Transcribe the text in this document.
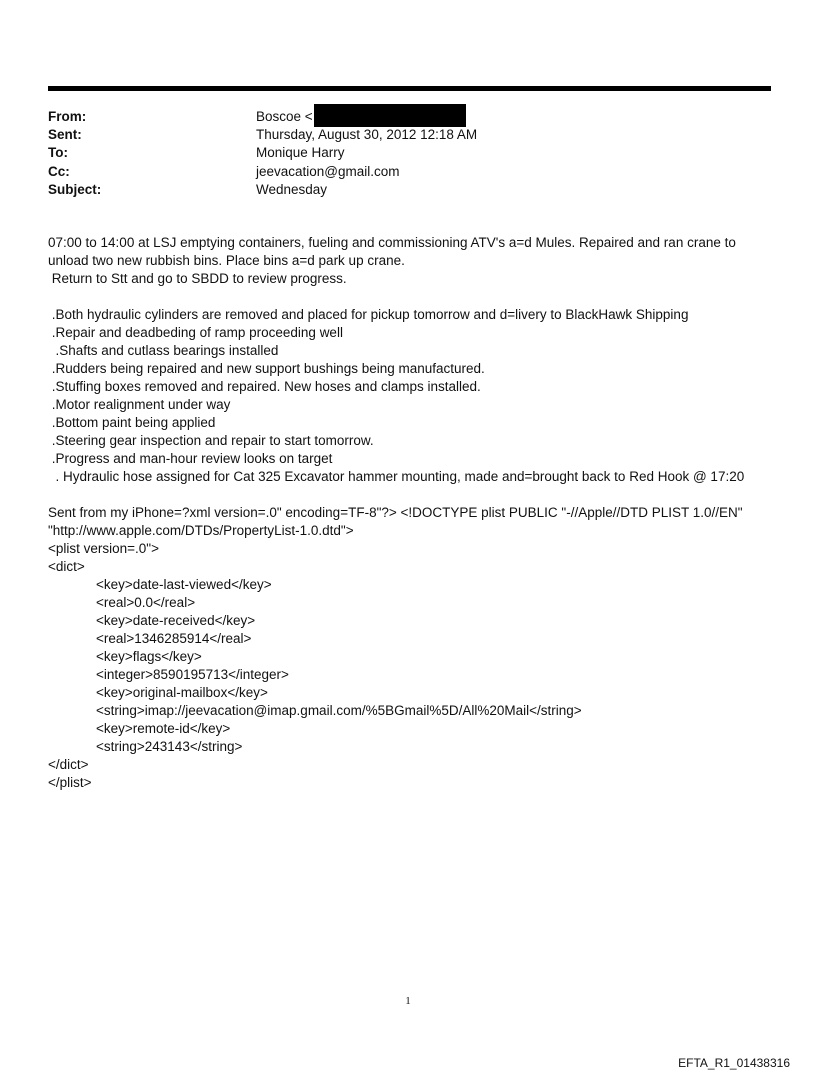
From:	Boscoe <
Sent:	Thursday, August 30, 2012 12:18 AM
To:	Monique Harry
Cc:	jeevacation@gmail.com
Subject:	Wednesday
07:00 to 14:00 at LSJ emptying containers, fueling and commissioning ATV's a=d Mules. Repaired and ran crane to
unload two new rubbish bins. Place bins a=d park up crane.
Return to Stt and go to SBDD to review progress.
.Both hydraulic cylinders are removed and placed for pickup tomorrow and d=livery to BlackHawk Shipping
.Repair and deadbeding of ramp proceeding well
.Shafts and cutlass bearings installed
.Rudders being repaired and new support bushings being manufactured.
.Stuffing boxes removed and repaired. New hoses and clamps installed.
.Motor realignment under way
.Bottom paint being applied
.Steering gear inspection and repair to start tomorrow.
.Progress and man-hour review looks on target
. Hydraulic hose assigned for Cat 325 Excavator hammer mounting, made and=brought back to Red Hook @ 17:20
Sent from my iPhone=?xml version=.0" encoding=TF-8"?> <!DOCTYPE plist PUBLIC "-//Apple//DTD PLIST 1.0//EN"
"http://www.apple.com/DTDs/PropertyList-1.0.dtd">
<plist version=.0">
<dict>
<key>date-last-viewed</key>
<real>0.0</real>
<key>date-received</key>
<real>1346285914</real>
<key>flags</key>
<integer>8590195713</integer>
<key>original-mailbox</key>
<string>imap://jeevacation@imap.gmail.com/%5BGmail%5D/All%20Mail</string>
<key>remote-id</key>
<string>243143</string>
</dict>
</plist>
1
EFTA_R1_01438316
